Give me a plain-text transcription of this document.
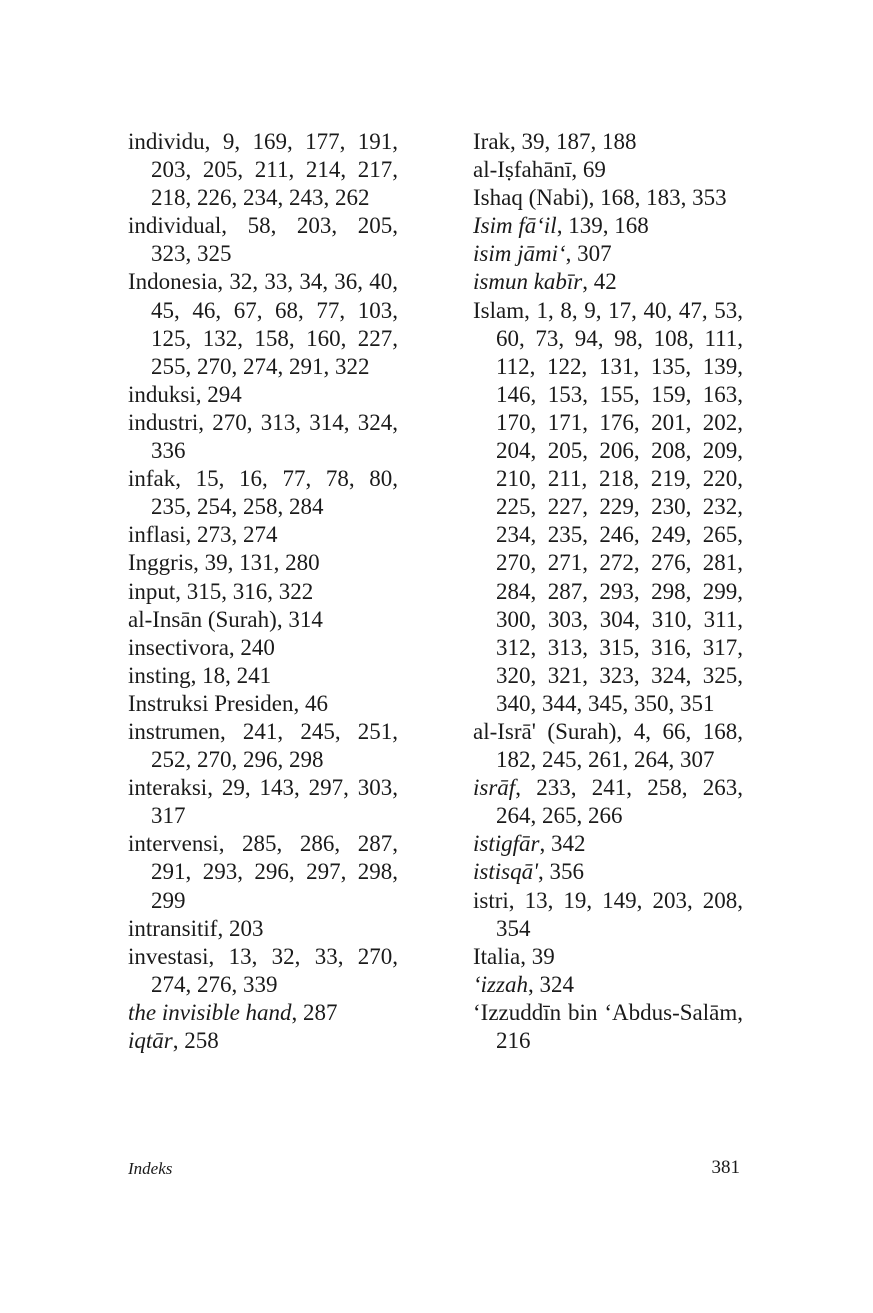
individu, 9, 169, 177, 191, 203, 205, 211, 214, 217, 218, 226, 234, 243, 262

individual, 58, 203, 205, 323, 325

Indonesia, 32, 33, 34, 36, 40, 45, 46, 67, 68, 77, 103, 125, 132, 158, 160, 227, 255, 270, 274, 291, 322

induksi, 294

industri, 270, 313, 314, 324, 336

infak, 15, 16, 77, 78, 80, 235, 254, 258, 284

inflasi, 273, 274

Inggris, 39, 131, 280

input, 315, 316, 322

al-Insān (Surah), 314

insectivora, 240

insting, 18, 241

Instruksi Presiden, 46

instrumen, 241, 245, 251, 252, 270, 296, 298

interaksi, 29, 143, 297, 303, 317

intervensi, 285, 286, 287, 291, 293, 296, 297, 298, 299

intransitif, 203

investasi, 13, 32, 33, 270, 274, 276, 339

the invisible hand, 287

iqtār, 258

Irak, 39, 187, 188

al-Iṣfahānī, 69

Ishaq (Nabi), 168, 183, 353

Isim fā‘il, 139, 168

isim jāmi‘, 307

ismun kabīr, 42

Islam, 1, 8, 9, 17, 40, 47, 53, 60, 73, 94, 98, 108, 111, 112, 122, 131, 135, 139, 146, 153, 155, 159, 163, 170, 171, 176, 201, 202, 204, 205, 206, 208, 209, 210, 211, 218, 219, 220, 225, 227, 229, 230, 232, 234, 235, 246, 249, 265, 270, 271, 272, 276, 281, 284, 287, 293, 298, 299, 300, 303, 304, 310, 311, 312, 313, 315, 316, 317, 320, 321, 323, 324, 325, 340, 344, 345, 350, 351

al-Isrā' (Surah), 4, 66, 168, 182, 245, 261, 264, 307

isrāf, 233, 241, 258, 263, 264, 265, 266

istigfār, 342

istisqā', 356

istri, 13, 19, 149, 203, 208, 354

Italia, 39

‘izzah, 324

‘Izzuddīn bin ‘Abdus-Salām, 216

Indeks	381
